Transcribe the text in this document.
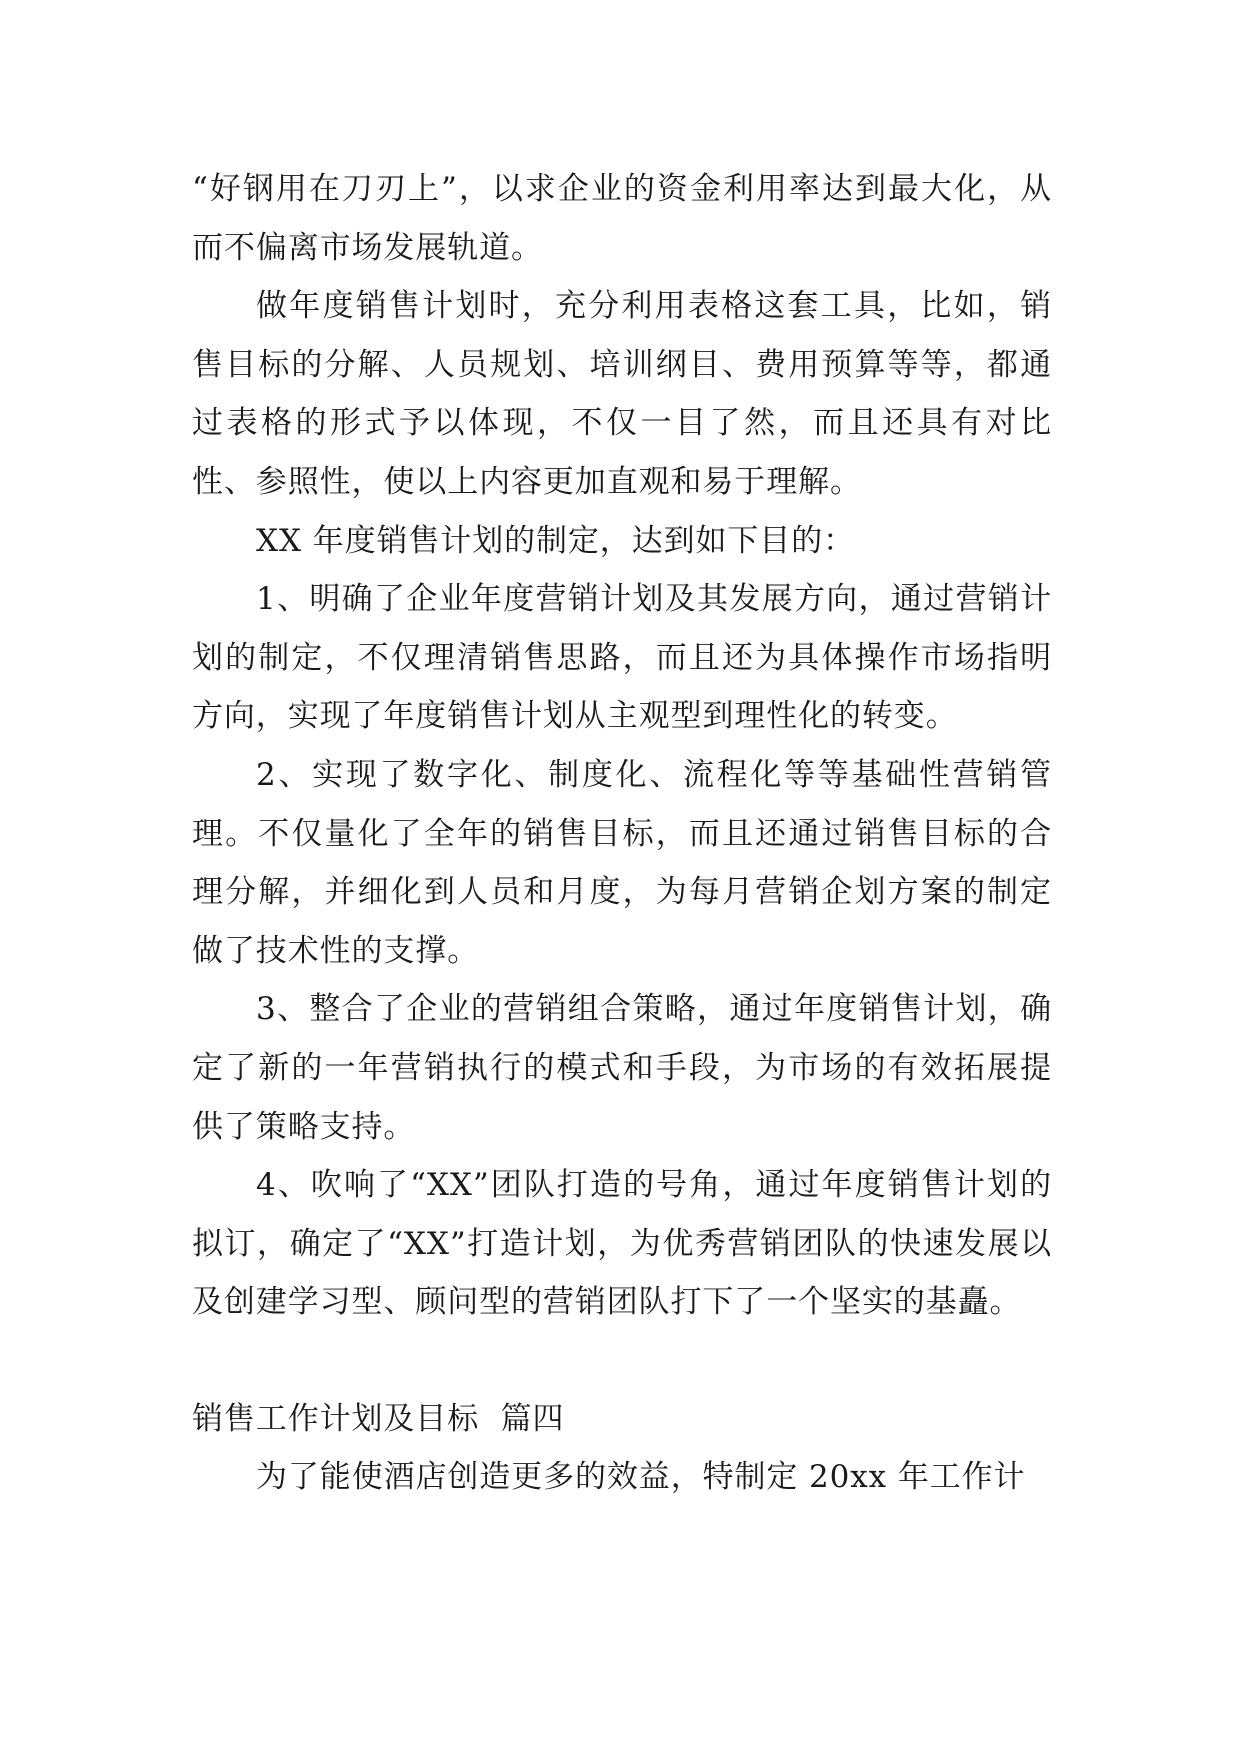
“好钢用在刀刃上”，以求企业的资金利用率达到最大化，从而不偏离市场发展轨道。

做年度销售计划时，充分利用表格这套工具，比如，销售目标的分解、人员规划、培训纲目、费用预算等等，都通过表格的形式予以体现，不仅一目了然，而且还具有对比性、参照性，使以上内容更加直观和易于理解。

XX 年度销售计划的制定，达到如下目的：

1、明确了企业年度营销计划及其发展方向，通过营销计划的制定，不仅理清销售思路，而且还为具体操作市场指明方向，实现了年度销售计划从主观型到理性化的转变。

2、实现了数字化、制度化、流程化等等基础性营销管理。不仅量化了全年的销售目标，而且还通过销售目标的合理分解，并细化到人员和月度，为每月营销企划方案的制定做了技术性的支撑。

3、整合了企业的营销组合策略，通过年度销售计划，确定了新的一年营销执行的模式和手段，为市场的有效拓展提供了策略支持。

4、吹响了“XX”团队打造的号角，通过年度销售计划的拟订，确定了“XX”打造计划，为优秀营销团队的快速发展以及创建学习型、顾问型的营销团队打下了一个坚实的基矗。

销售工作计划及目标  篇四

为了能使酒店创造更多的效益，特制定 20xx 年工作计
